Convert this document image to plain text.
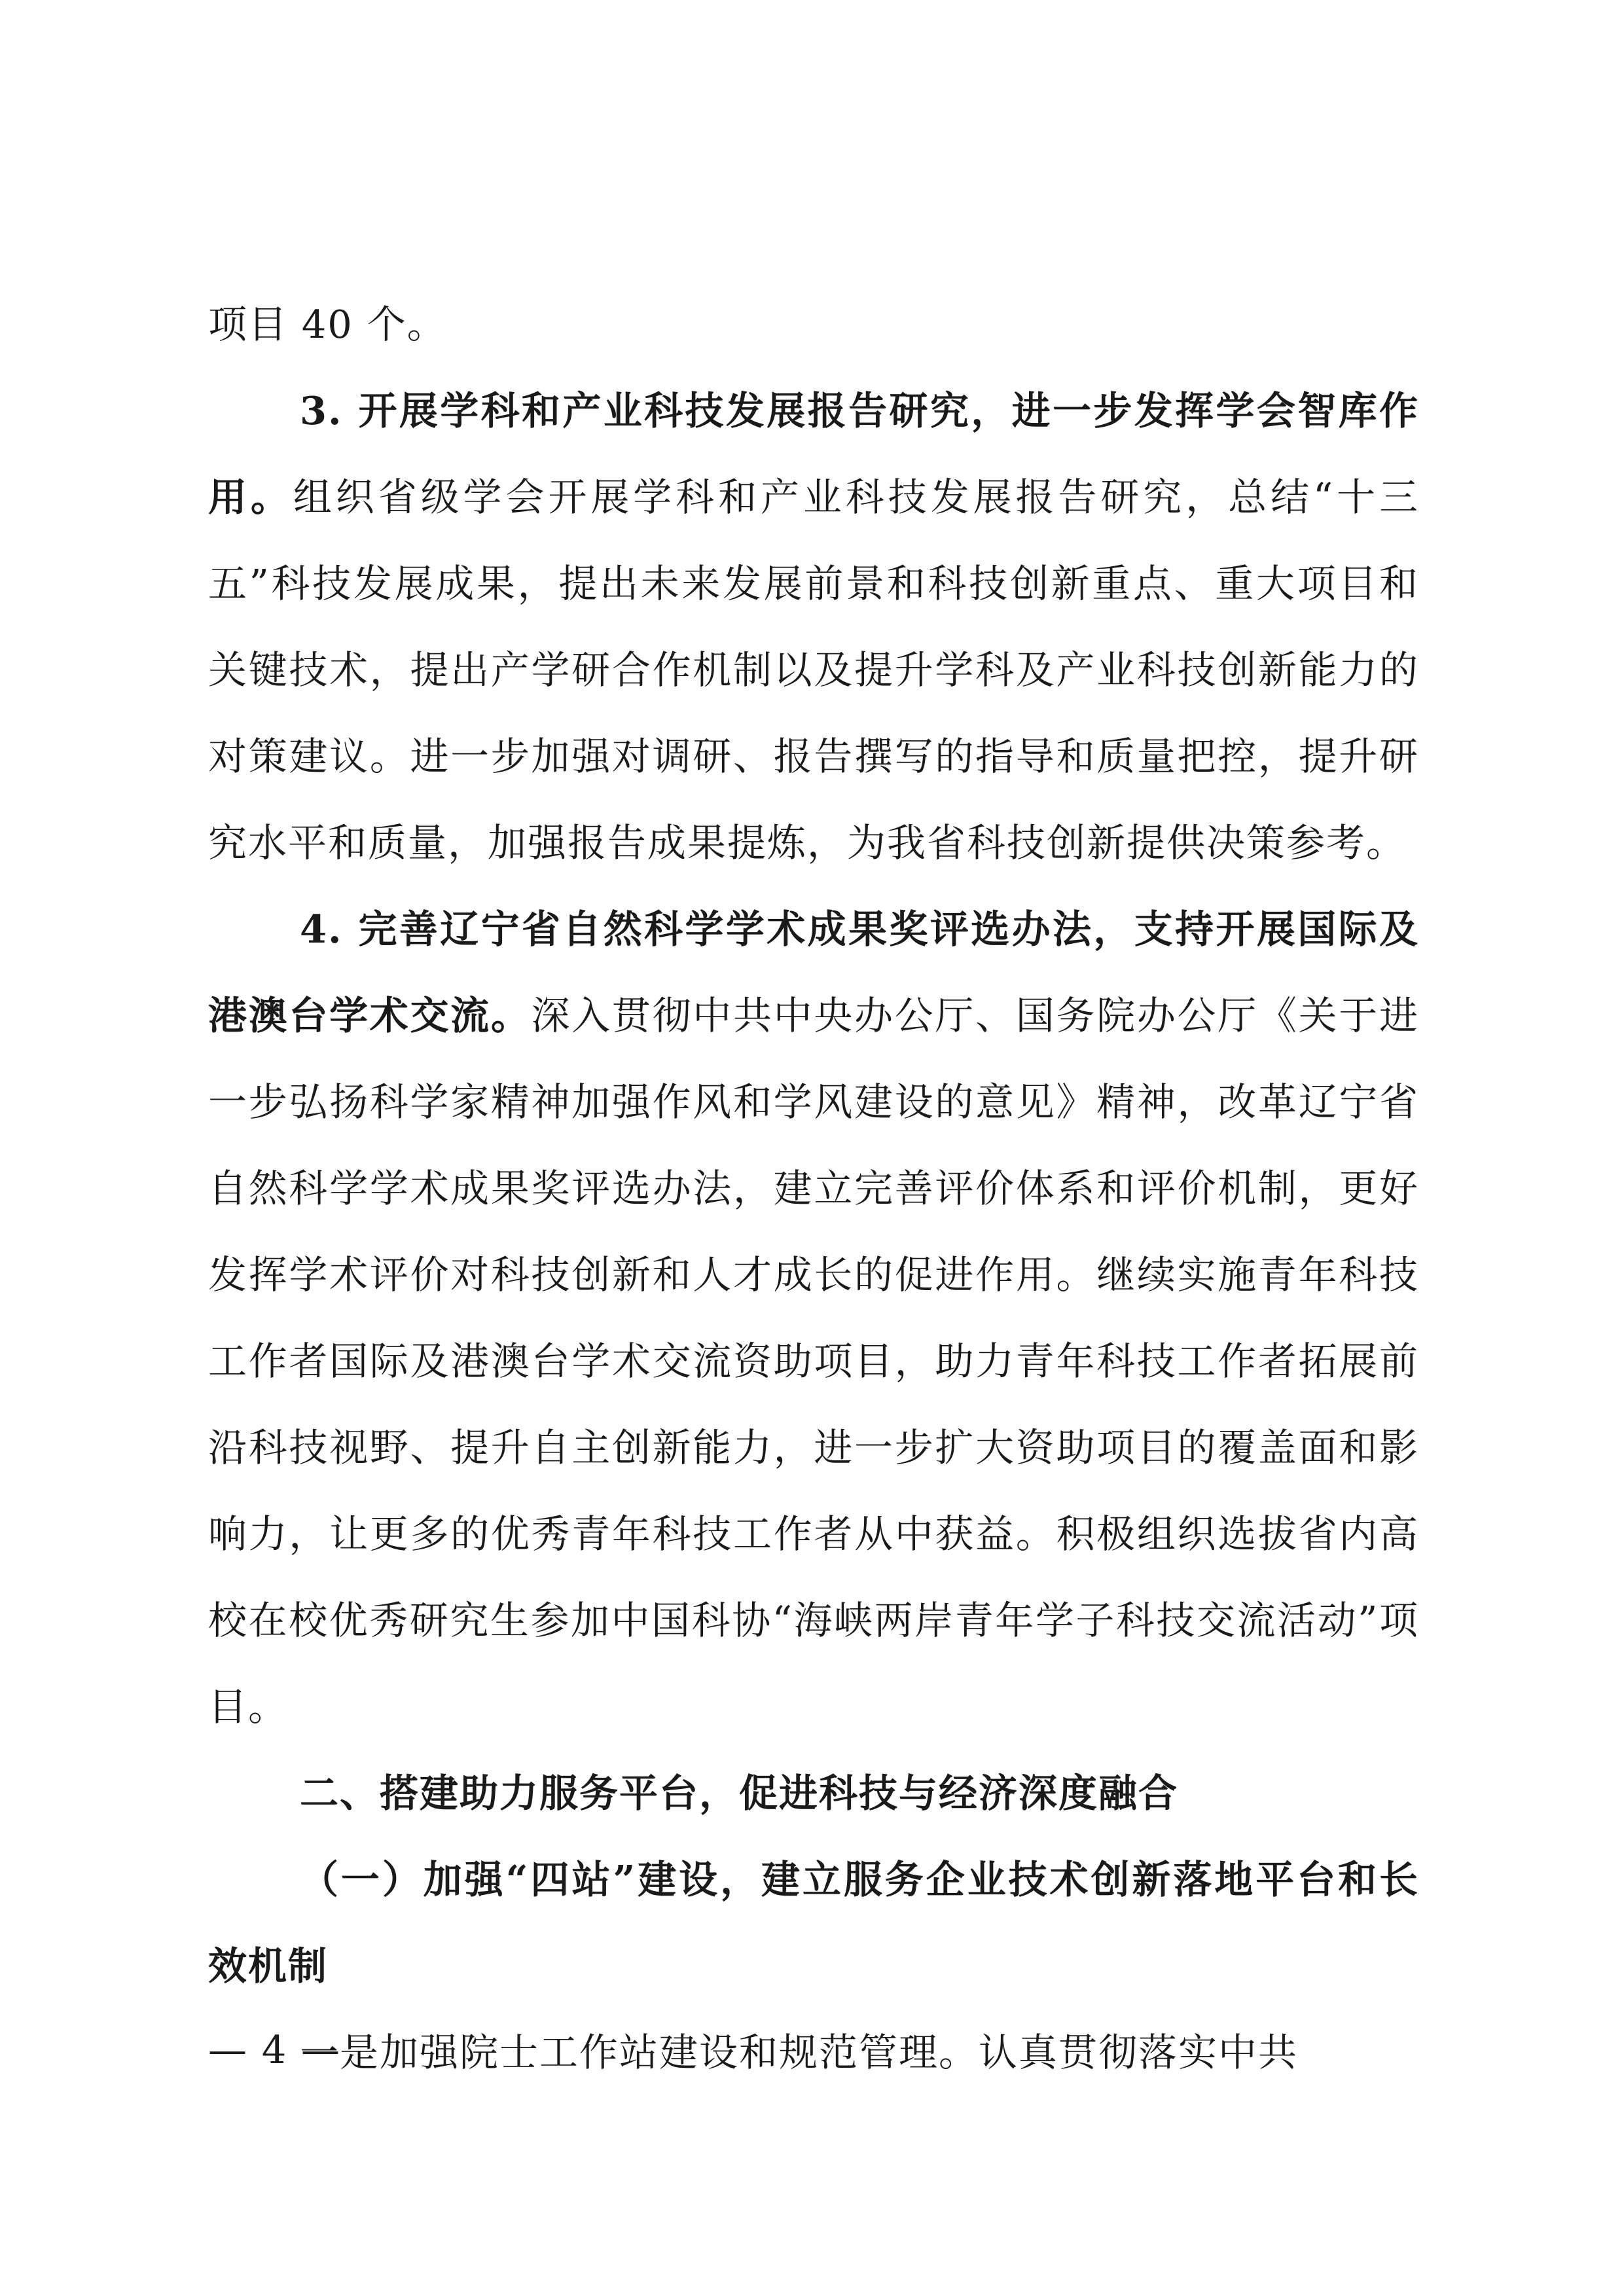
项目 40 个。

3. 开展学科和产业科技发展报告研究，进一步发挥学会智库作用。组织省级学会开展学科和产业科技发展报告研究，总结“十三五”科技发展成果，提出未来发展前景和科技创新重点、重大项目和关键技术，提出产学研合作机制以及提升学科及产业科技创新能力的对策建议。进一步加强对调研、报告撰写的指导和质量把控，提升研究水平和质量，加强报告成果提炼，为我省科技创新提供决策参考。

4. 完善辽宁省自然科学学术成果奖评选办法，支持开展国际及港澳台学术交流。深入贯彻中共中央办公厅、国务院办公厅《关于进一步弘扬科学家精神加强作风和学风建设的意见》精神，改革辽宁省自然科学学术成果奖评选办法，建立完善评价体系和评价机制，更好发挥学术评价对科技创新和人才成长的促进作用。继续实施青年科技工作者国际及港澳台学术交流资助项目，助力青年科技工作者拓展前沿科技视野、提升自主创新能力，进一步扩大资助项目的覆盖面和影响力，让更多的优秀青年科技工作者从中获益。积极组织选拔省内高校在校优秀研究生参加中国科协“海峡两岸青年学子科技交流活动”项目。

二、搭建助力服务平台，促进科技与经济深度融合

（一）加强“四站”建设，建立服务企业技术创新落地平台和长效机制

一是加强院士工作站建设和规范管理。认真贯彻落实中共

— 4 —
